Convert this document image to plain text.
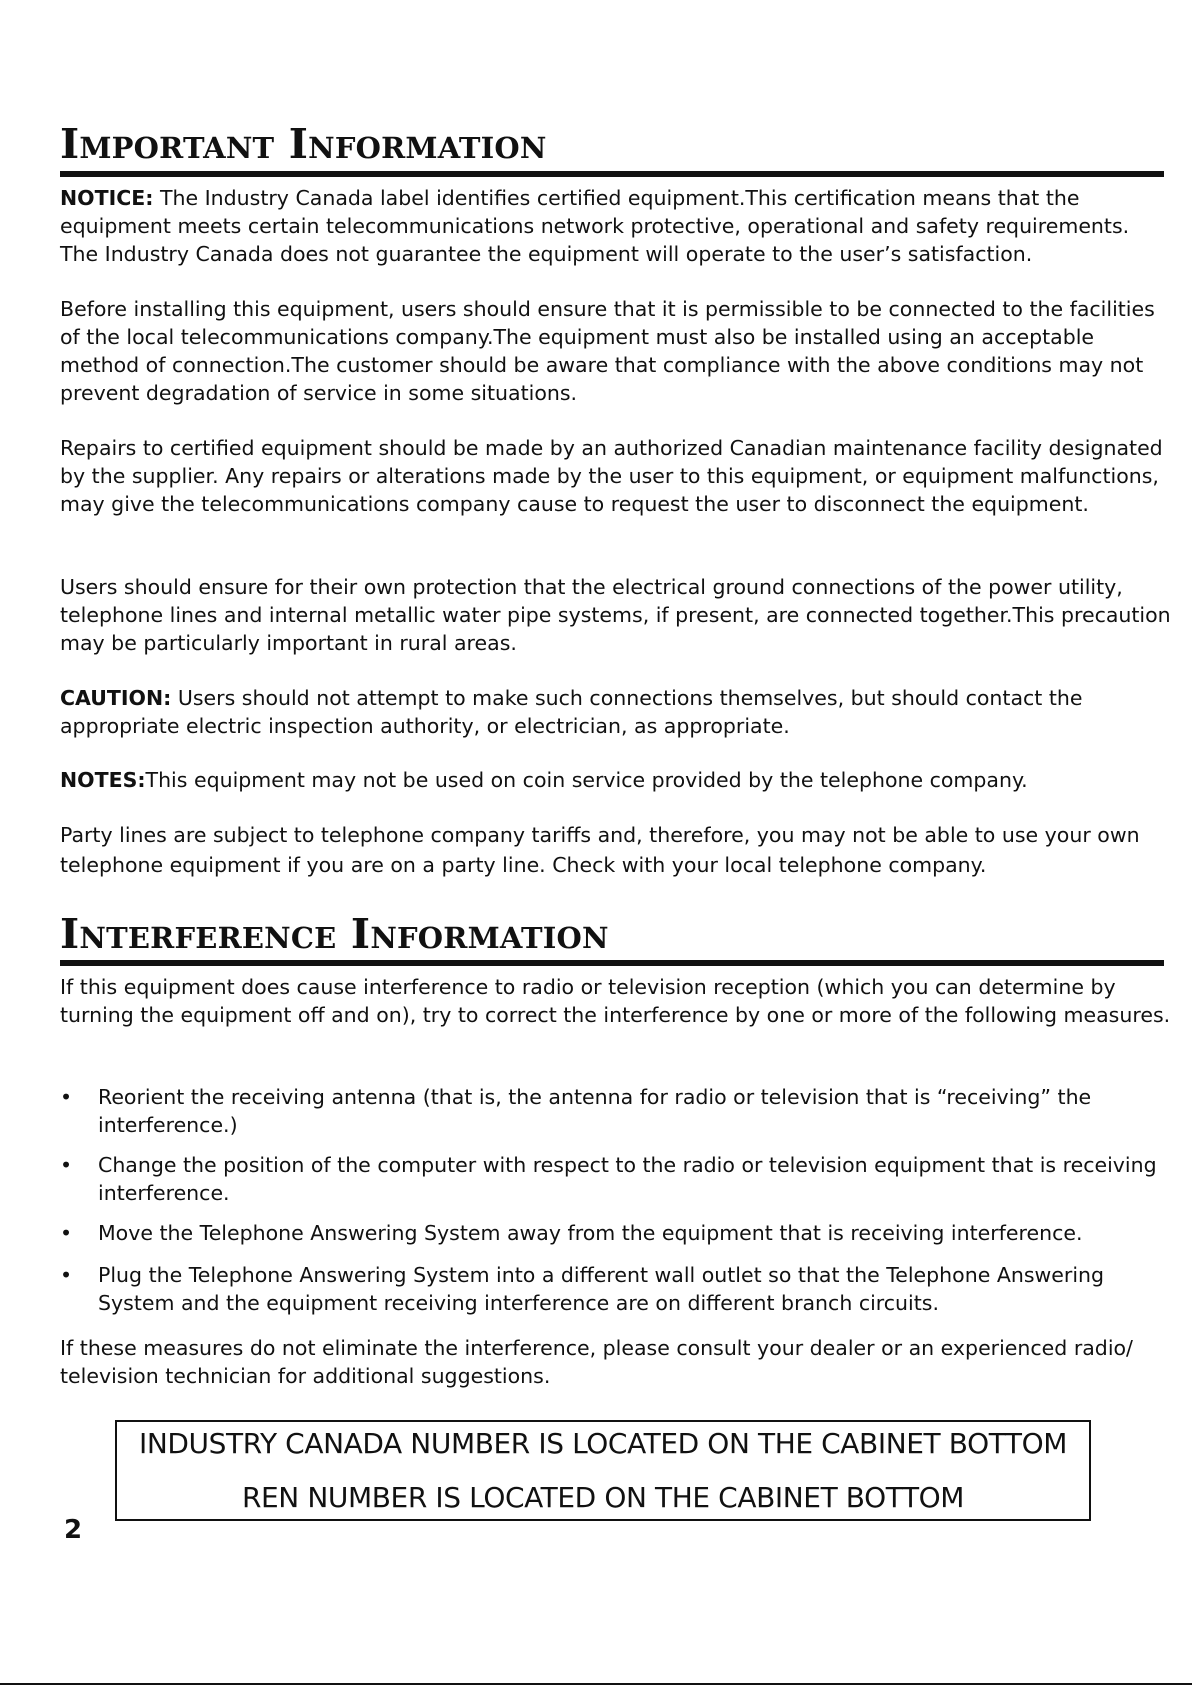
Important Information

NOTICE: The Industry Canada label identifies certified equipment.This certification means that the equipment meets certain telecommunications network protective, operational and safety requirements. The Industry Canada does not guarantee the equipment will operate to the user’s satisfaction.

Before installing this equipment, users should ensure that it is permissible to be connected to the facilities of the local telecommunications company.The equipment must also be installed using an acceptable method of connection.The customer should be aware that compliance with the above conditions may not prevent degradation of service in some situations.

Repairs to certified equipment should be made by an authorized Canadian maintenance facility designated by the supplier. Any repairs or alterations made by the user to this equipment, or equipment malfunctions, may give the telecommunications company cause to request the user to disconnect the equipment.

Users should ensure for their own protection that the electrical ground connections of the power utility, telephone lines and internal metallic water pipe systems, if present, are connected together.This precaution may be particularly important in rural areas.

CAUTION: Users should not attempt to make such connections themselves, but should contact the appropriate electric inspection authority, or electrician, as appropriate.

NOTES:This equipment may not be used on coin service provided by the telephone company.

Party lines are subject to telephone company tariffs and, therefore, you may not be able to use your own telephone equipment if you are on a party line. Check with your local telephone company.

Interference Information

If this equipment does cause interference to radio or television reception (which you can determine by turning the equipment off and on), try to correct the interference by one or more of the following measures.

•	Reorient the receiving antenna (that is, the antenna for radio or television that is “receiving” the interference.)
•	Change the position of the computer with respect to the radio or television equipment that is receiving interference.
•	Move the Telephone Answering System away from the equipment that is receiving interference.
•	Plug the Telephone Answering System into a different wall outlet so that the Telephone Answering System and the equipment receiving interference are on different branch circuits.

If these measures do not eliminate the interference, please consult your dealer or an experienced radio/ television technician for additional suggestions.

INDUSTRY CANADA NUMBER IS LOCATED ON THE CABINET BOTTOM
REN NUMBER IS LOCATED ON THE CABINET BOTTOM
2
